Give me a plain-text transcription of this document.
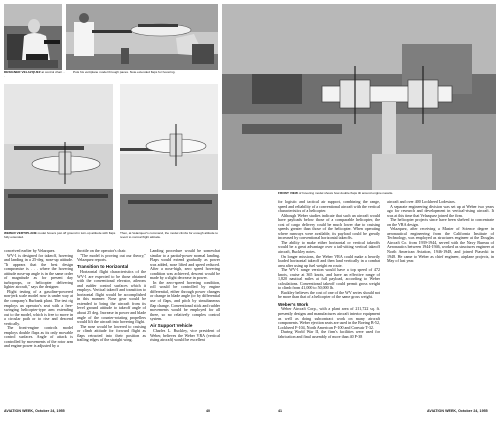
DESIGNER VELAZQUEZ at control chair . . .
Puts his vertiplane model through paces. Note extended flaps for hovering.
FRONT VIEW of hovering model shows how double flaps tilt around engine nacelle.
WEBER VERTIPLANE model hovers just off ground in turn-up attitude with flaps fully extended.
Then, at Velazquez's command, the model climbs for enough altitude to revert to normal flight attitude.

conceived earlier by Velazquez.

WV-1 is designed for takeoff, hovering and landing in a 25-deg. nose-up attitude. "It appears that the best design compromise is . . . where the hovering attitude nose-up angle is in the same order of magnitude as for present day turboprops, or helicopter delivering lighter aircraft," says the designer.

Flight testing of a gasoline-powered non-jerk scale model now is under way at the company's Burbank plant. The test rig employs an operator's seat with a free-swinging helicopter-type arm extending out to the model, which is free to move in a circular path or to rise and descend vertically.

The front-engine controls model employs double flaps as its only movable control surfaces. Angle of attack is controlled by movements of the rotor arm and engine power is adjusted by a

throttle on the operator's chair.

"The model is proving out our theory," Velazquez reports.

Transition to Horizontal

Horizontal flight characteristics of the WV-1 are expected to be those obtained with the conventional elevator, ailerons and rudder control surfaces which it employs. Vertical takeoff and transition to horizontal flight would be accomplished in this manner: Nose gear would be extended to bring the aircraft from its level ground attitude to takeoff angle of about 25 deg. Increase in power and blade angle of the counter-rotating propellers would lift the aircraft into hovering flight.

The nose would be lowered to cruising or climb attitude for forward flight as flaps retracted into their position as trailing edges of the straight wing.

Landing procedure would be somewhat similar to a partial-power normal landing. Flaps would extend gradually as power was added, nose lifted and speed reduced. After a nose-high, zero speed hovering condition was achieved, descent would be made by a slight decrease in power.

In the zero-speed hovering condition, roll would be controlled by engine differential, either through power changes or change in blade angle (or by differential use of flaps, and pitch by simultaneous flap change. Conventional stick and rudder movements would be employed for all three, so no relatively complex control system.

Air Support Vehicle

Charles L. Buckley, vice president of Weber, believes the Weber VRA (vertical rising aircraft) would be excellent

for logistic and tactical air support, combining the range, speed and reliability of a conventional aircraft with the vertical characteristics of a helicopter.

Although Weber studies indicate that such an aircraft would have payloads below those of a comparable helicopter, the cost of cargo delivery could be much lower due to cruising speeds greater than those of the helicopter. When operating where runways were available, its payload could be greatly increased by conventional horizontal takeoffs.

The ability to make either horizontal or vertical takeoffs would be a great advantage over a tail-sitting vertical takeoff aircraft, Buckley notes.

On longer missions, the Weber VRA could make a heavily loaded horizontal takeoff and then land vertically in a combat area after using up fuel weight en route.

The WV-1 range version would have a top speed of 472 knots, cruise at 365 knots, and have an effective range of 1,820 nautical miles at full payload, according to Weber calculations. Conventional takeoff could permit gross weight to climb from 41,000 to 50,000 lb.

Buckley believes the cost of one of the WV series should not be more than that of a helicopter of the same gross weight.

Weber's Work

Weber Aircraft Corp., with a plant area of 211,722 sq. ft. presently designs and manufactures aircraft interior equipment as well as doing subcontract work on many aircraft components. Weber ejection seats are used in the Boeing B-52, Lockheed F-104, North American F-100 and Convair T-32.

During World War II, the firm's facilities were used for fabrication and final assembly of more than 40 P-38

aircraft and over 400 Lockheed Lodestars.

A separate engineering division was set up at Weber two years ago for research and development in vertical-rising aircraft. It was at this time that Velazquez joined the firm.

The helicopter projects since have been shelved to concentrate on the VRA design.

Velazquez, after receiving a Master of Science degree in aeronautical engineering from the California Institute of Technology, was employed as structures engineer at the Douglas Aircraft Co. from 1939-1944, served with the Navy Bureau of Aeronautics between 1944-1946, worked as structures engineer at North American Aviation, 1946-1948, and joined Piasecki in 1948. He came to Weber as chief engineer, airplane projects, in May of last year.

AVIATION WEEK, October 24, 1955	40	41	AVIATION WEEK, October 24, 1955
